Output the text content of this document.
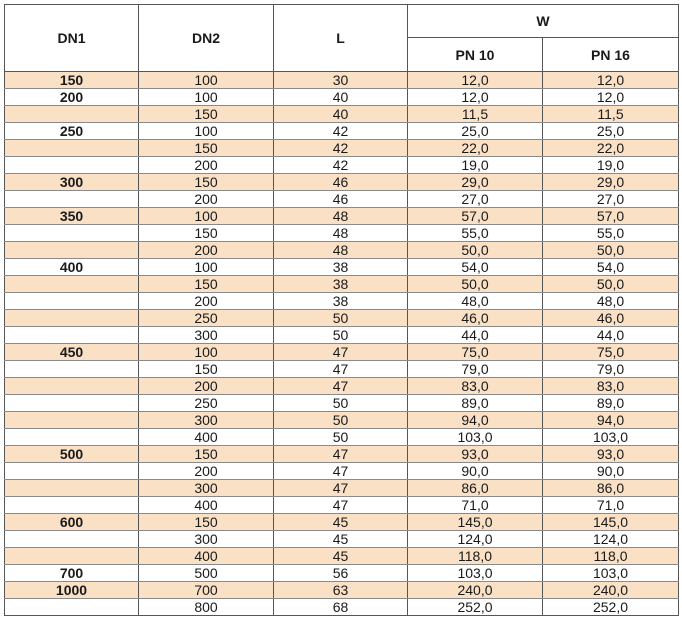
DN1	DN2	L	W	
			PN 10	PN 16
150	100	30	12,0	12,0
200	100	40	12,0	12,0
	150	40	11,5	11,5
250	100	42	25,0	25,0
	150	42	22,0	22,0
	200	42	19,0	19,0
300	150	46	29,0	29,0
	200	46	27,0	27,0
350	100	48	57,0	57,0
	150	48	55,0	55,0
	200	48	50,0	50,0
400	100	38	54,0	54,0
	150	38	50,0	50,0
	200	38	48,0	48,0
	250	50	46,0	46,0
	300	50	44,0	44,0
450	100	47	75,0	75,0
	150	47	79,0	79,0
	200	47	83,0	83,0
	250	50	89,0	89,0
	300	50	94,0	94,0
	400	50	103,0	103,0
500	150	47	93,0	93,0
	200	47	90,0	90,0
	300	47	86,0	86,0
	400	47	71,0	71,0
600	150	45	145,0	145,0
	300	45	124,0	124,0
	400	45	118,0	118,0
700	500	56	103,0	103,0
1000	700	63	240,0	240,0
	800	68	252,0	252,0
